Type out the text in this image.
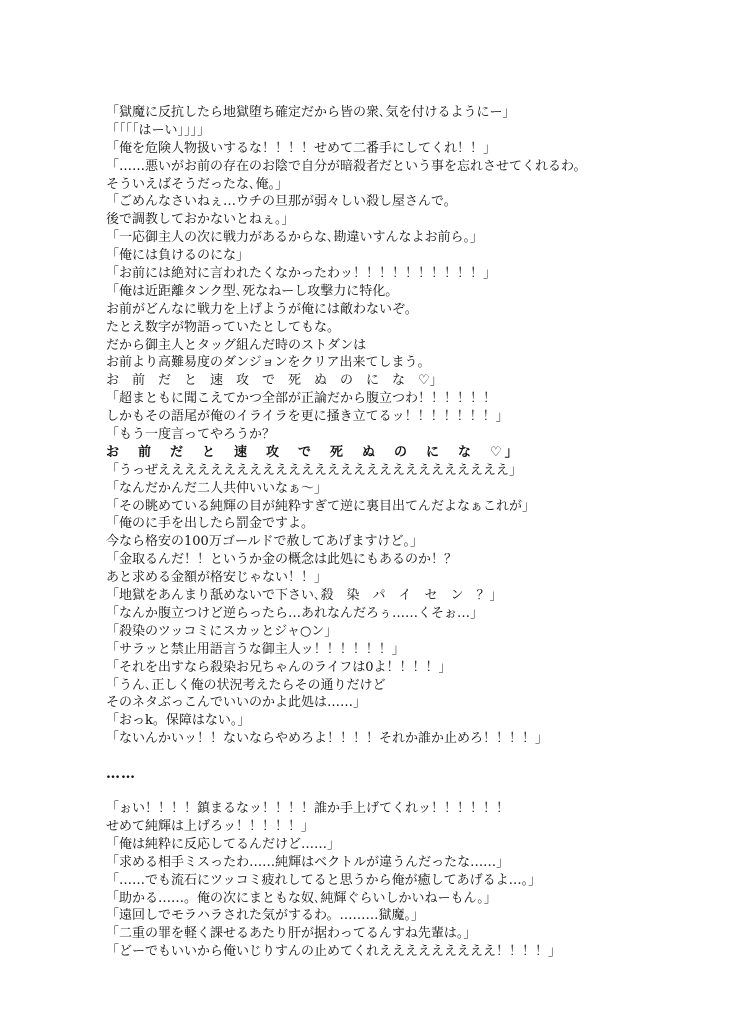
「獄魔に反抗したら地獄堕ち確定だから皆の衆､気を付けるようにー」
「｢｢｢はーい｣｣｣」
「俺を危険人物扱いするな！！！！せめて二番手にしてくれ！！」
「……悪いがお前の存在のお陰で自分が暗殺者だという事を忘れさせてくれるわ。
そういえばそうだったな､俺。」
「ごめんなさいねぇ…ウチの旦那が弱々しい殺し屋さんで。
後で調教しておかないとねぇ。」
「一応御主人の次に戦力があるからな､勘違いすんなよお前ら。」
「俺には負けるのにな」
「お前には絶対に言われたくなかったわッ！！！！！！！！！！」
「俺は近距離タンク型､死なねーし攻撃力に特化。
お前がどんなに戦力を上げようが俺には敵わないぞ。
たとえ数字が物語っていたとしてもな。
だから御主人とタッグ組んだ時のストダンは
お前より高難易度のダンジョンをクリア出来てしまう。
お　前　だ　と　速　攻　で　死　ぬ　の　に　な　♡」
「超まともに聞こえてかつ全部が正論だから腹立つわ！！！！！！
しかもその語尾が俺のイライラを更に掻き立てるッ！！！！！！！」
「もう一度言ってやろうか？
お　前　だ　と　速　攻　で　死　ぬ　の　に　な　♡」
「うっぜえええええええええええええええええええええええええええ」
「なんだかんだ二人共仲いいなぁ〜」
「その眺めている純輝の目が純粋すぎて逆に裏目出てんだよなぁこれが」
「俺のに手を出したら罰金ですよ。
今なら格安の100万ゴールドで赦してあげますけど。」
「金取るんだ！！というか金の概念は此処にもあるのか！？
あと求める金額が格安じゃない！！」
「地獄をあんまり舐めないで下さい､殺　染　パ　イ　セ　ン　？」
「なんか腹立つけど逆らったら…あれなんだろぅ……くそぉ…」
「殺染のツッコミにスカッとジャ○ン」
「サラッと禁止用語言うな御主人ッ！！！！！！」
「それを出すなら殺染お兄ちゃんのライフは0よ！！！！」
「うん､正しく俺の状況考えたらその通りだけど
そのネタぶっこんでいいのかよ此処は……」
「おっk。保障はない。」
「ないんかいッ！！ないならやめろよ！！！！それか誰か止めろ！！！！」
……
「ぉい！！！！鎮まるなッ！！！！誰か手上げてくれッ！！！！！！
せめて純輝は上げろッ！！！！！」
「俺は純粋に反応してるんだけど……」
「求める相手ミスったわ……純輝はベクトルが違うんだったな……」
「……でも流石にツッコミ疲れしてると思うから俺が癒してあげるよ…。」
「助かる……。俺の次にまともな奴､純輝ぐらいしかいねーもん。」
「遠回しでモラハラされた気がするわ。………獄魔。」
「二重の罪を軽く課せるあたり肝が据わってるんすね先輩は。」
「どーでもいいから俺いじりすんの止めてくれえええええええええ！！！！」
